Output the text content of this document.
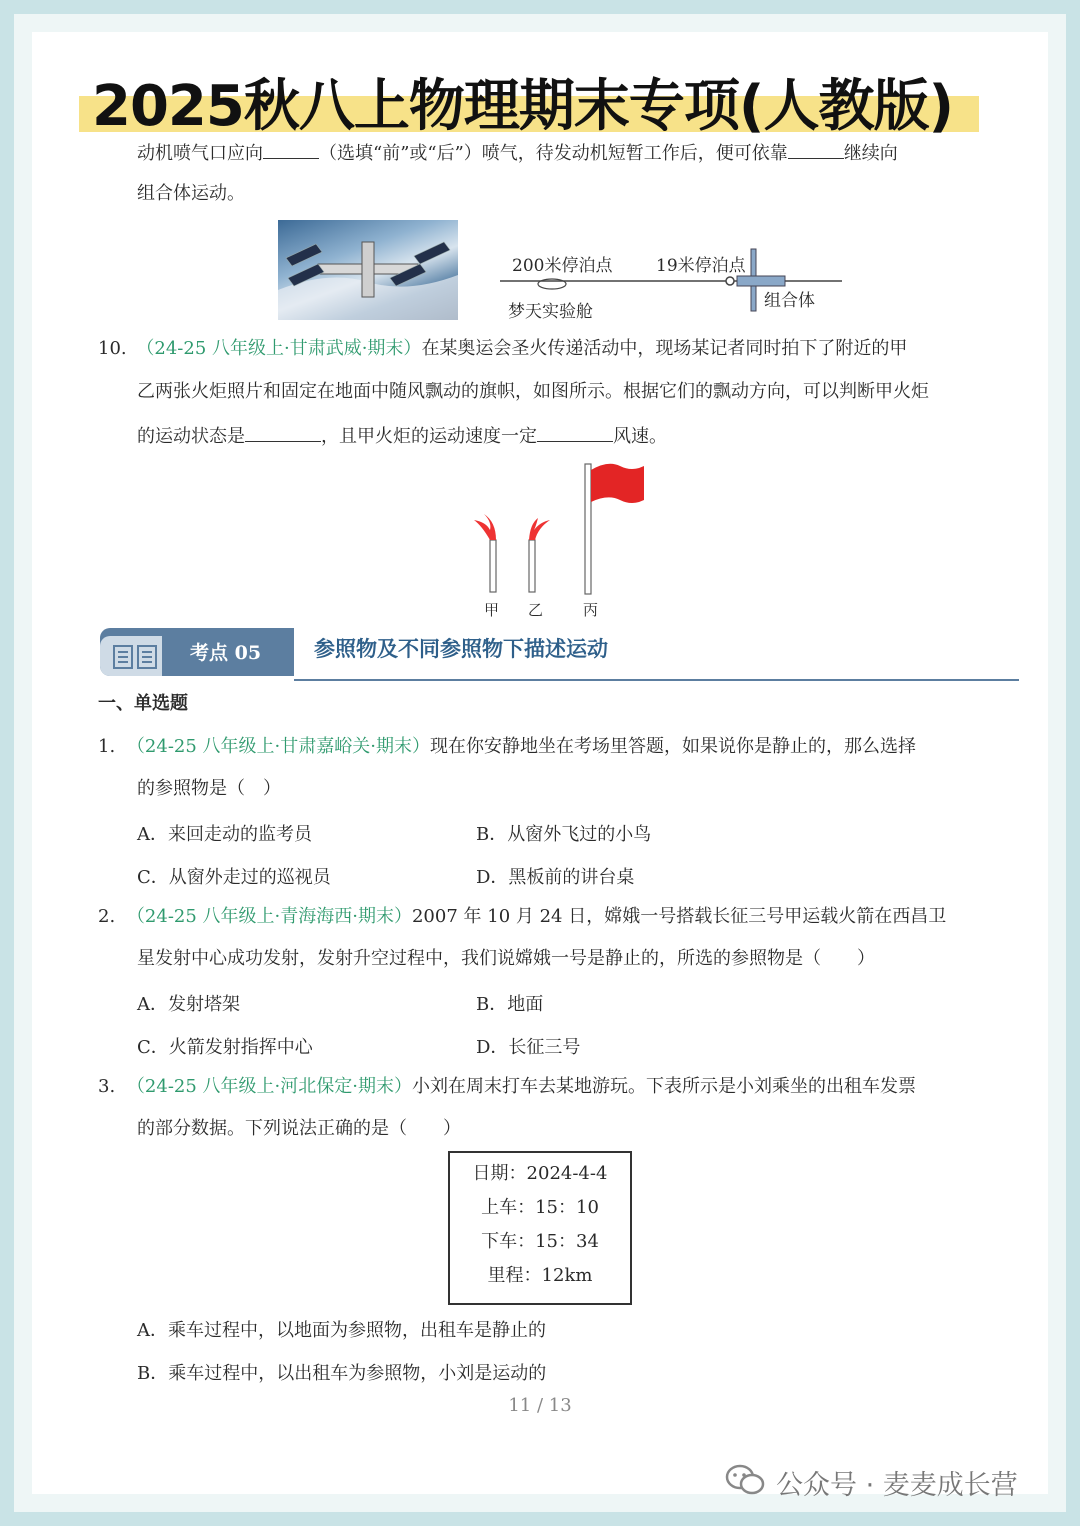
2025秋八上物理期末专项(人教版)
动机喷气口应向	（选填“前”或“后”）喷气，待发动机短暂工作后，便可依靠	继续向
组合体运动。
200米停泊点	19米停泊点
梦天实验舱
组合体
10. （24-25 八年级上·甘肃武威·期末）在某奥运会圣火传递活动中，现场某记者同时拍下了附近的甲
乙两张火炬照片和固定在地面中随风飘动的旗帜，如图所示。根据它们的飘动方向，可以判断甲火炬
的运动状态是	，且甲火炬的运动速度一定	风速。
甲 乙	丙
考点 05	参照物及不同参照物下描述运动
一、单选题
1. （24-25 八年级上·甘肃嘉峪关·期末）现在你安静地坐在考场里答题，如果说你是静止的，那么选择
的参照物是（　）
A．来回走动的监考员	B．从窗外飞过的小鸟
C．从窗外走过的巡视员	D．黑板前的讲台桌
2. （24-25 八年级上·青海海西·期末）2007 年 10 月 24 日，嫦娥一号搭载长征三号甲运载火箭在西昌卫
星发射中心成功发射，发射升空过程中，我们说嫦娥一号是静止的，所选的参照物是（　　）
A．发射塔架	B．地面
C．火箭发射指挥中心	D．长征三号
3. （24-25 八年级上·河北保定·期末）小刘在周末打车去某地游玩。下表所示是小刘乘坐的出租车发票
的部分数据。下列说法正确的是（　　）
日期：2024-4-4
上车：15：10
下车：15：34
里程：12km
A．乘车过程中，以地面为参照物，出租车是静止的
B．乘车过程中，以出租车为参照物，小刘是运动的
11 / 13
公众号 · 麦麦成长营
